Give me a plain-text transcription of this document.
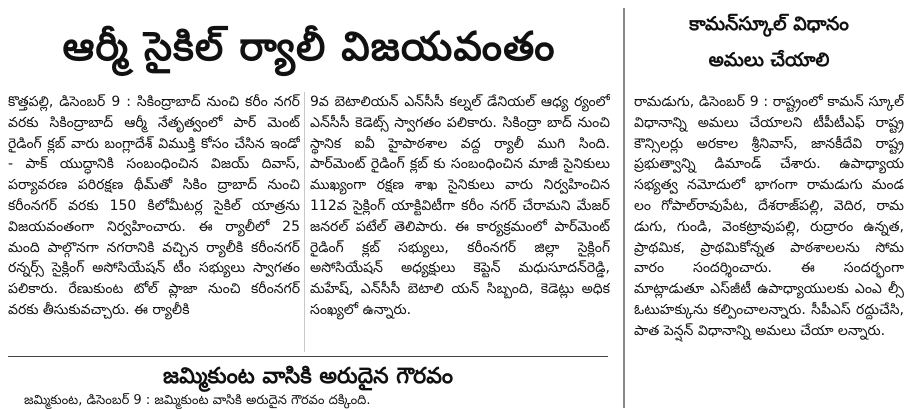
ఆర్మీ సైకిల్ ర్యాలీ విజయవంతం
కొత్తపల్లి, డిసెంబర్ 9 : సికింద్రాబాద్ నుంచి కరీం నగర్ వరకు సికింద్రాబాద్ ఆర్మీ నేతృత్వంలో పార్ మెంట్ రైడింగ్ క్లబ్ వారు బంగ్లాదేశ్ విముక్తి కోసం చేసిన ఇండో - పాక్ యుద్ధానికి సంబంధించిన విజయ్ దివాస్, పర్యావరణ పరిరక్షణ థీమ్‌తో సికిం ద్రాబాద్ నుంచి కరీంనగర్ వరకు 150 కిలోమీటర్ల సైకిల్ యాత్రను విజయవంతంగా నిర్వహించారు. ఈ ర్యాలీలో 25 మంది పాల్గొనగా నగరానికి వచ్చిన ర్యాలీకి కరీంనగర్ రన్నర్స్ సైక్లింగ్ అసోసియేషన్ టీం సభ్యులు స్వాగతం పలికారు. రేణుకుంట టోల్ ప్లాజా నుంచి కరీంనగర్ వరకు తీసుకువచ్చారు. ఈ ర్యాలీకి
9వ బెటాలియన్ ఎన్‌సీసీ కల్నల్ డేనియల్ ఆధ్య ర్యంలో ఎన్‌సీసీ కెడెట్స్ స్వాగతం పలికారు. సికింద్రా బాద్ నుంచి స్థానిక ఐవీ హైపాఠశాల వద్ద ర్యాలీ ముగి సింది. పార్‌మెంట్ రైడింగ్ క్లబ్ కు సంబంధించిన మాజీ సైనికులు ముఖ్యంగా రక్షణ శాఖ సైనికులు వారు నిర్వహించిన 112వ సైక్లింగ్ యాక్టివిటీగా కరీం నగర్ చేరామని మేజర్ జనరల్ పటేల్ తెలిపారు. ఈ కార్యక్రమంలో పార్‌మెంట్ రైడింగ్ క్లబ్ సభ్యులు, కరీంనగర్ జిల్లా సైక్లింగ్ అసోసియేషన్ అధ్యక్షులు కెప్టెన్ మధుసూదన్‌రెడ్డి, మహేష్, ఎన్‌సీసీ బెటాలి యన్ సిబ్బంది, కెడెట్లు అధిక సంఖ్యలో ఉన్నారు.
కామన్‌స్కూల్ విధానం
అమలు చేయాలి
రామడుగు, డిసెంబర్ 9 : రాష్ట్రంలో కామన్ స్కూల్ విధానాన్ని అమలు చేయాలని టీపీటీఎఫ్ రాష్ట్ర కౌన్సిలర్లు అరకాల శ్రీనివాస్, జానకీదేవి రాష్ట్ర ప్రభుత్వాన్ని డిమాండ్ చేశారు. ఉపాధ్యాయ సభ్యత్వ నమోదులో భాగంగా రామడుగు మండ లం గోపాల్‌రావుపేట, దేశరాజ్‌పల్లి, వెదిర, రామ డుగు, గుండి, వెంకట్రావుపల్లి, రుద్రారం ఉన్నత, ప్రాథమిక, ప్రాథమికోన్నత పాఠశాలలను సోమ వారం సందర్శించారు. ఈ సందర్భంగా మాట్లాడుతూ ఎస్‌జీటీ ఉపాధ్యాయులకు ఎంఎ ల్సీ ఓటుహక్కును కల్పించాలన్నారు. సీపీఎస్ రద్దుచేసి, పాత పెన్షన్ విధానాన్ని అమలు చేయా లన్నారు.
జమ్మికుంట వాసికి అరుదైన గౌరవం
జమ్మికుంట, డిసెంబర్ 9 : జమ్మికుంట వాసికి అరుదైన గౌరవం దక్కింది.
